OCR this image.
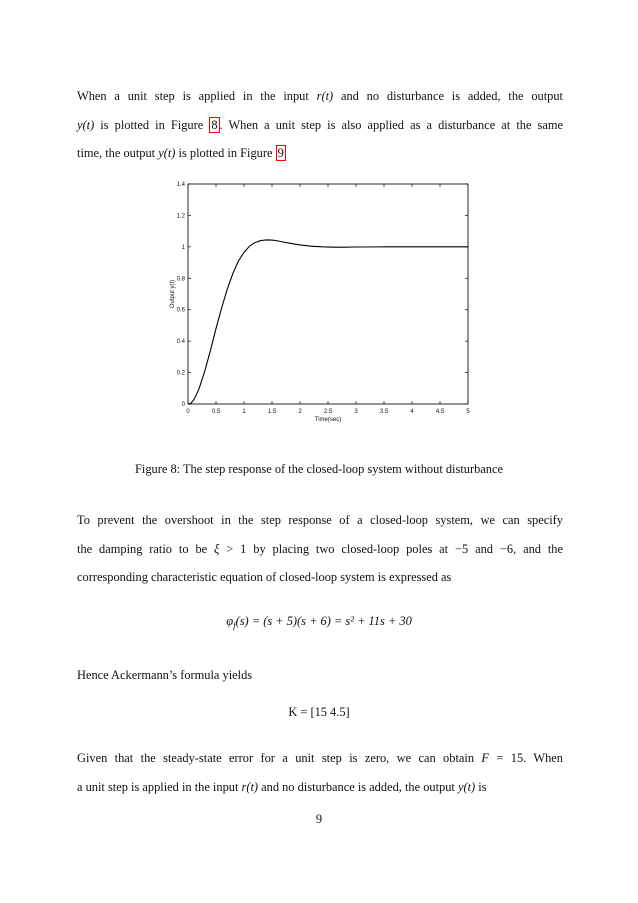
When a unit step is applied in the input r(t) and no disturbance is added, the output
y(t) is plotted in Figure 8 . When a unit step is also applied as a disturbance at the same
time, the output y(t) is plotted in Figure 9
0	0.5	1	1.5	2	2.5	3	3.5	4	4.5	5
0
0.2
0.4
0.6
0.8
1
1.2
1.4
Time(sec)
Output y(t)
Figure 8: The step response of the closed-loop system without disturbance
To prevent the overshoot in the step response of a closed-loop system, we can specify
the damping ratio to be ξ > 1 by placing two closed-loop poles at −5 and −6, and the
corresponding characteristic equation of closed-loop system is expressed as
$\varphi_f(s) = (s + 5)(s + 6) = s^2 + 11s + 30$
Hence Ackermann’s formula yields
K = [15 4.5]
Given that the steady-state error for a unit step is zero, we can obtain F = 15. When
a unit step is applied in the input r(t) and no disturbance is added, the output y(t) is
9
